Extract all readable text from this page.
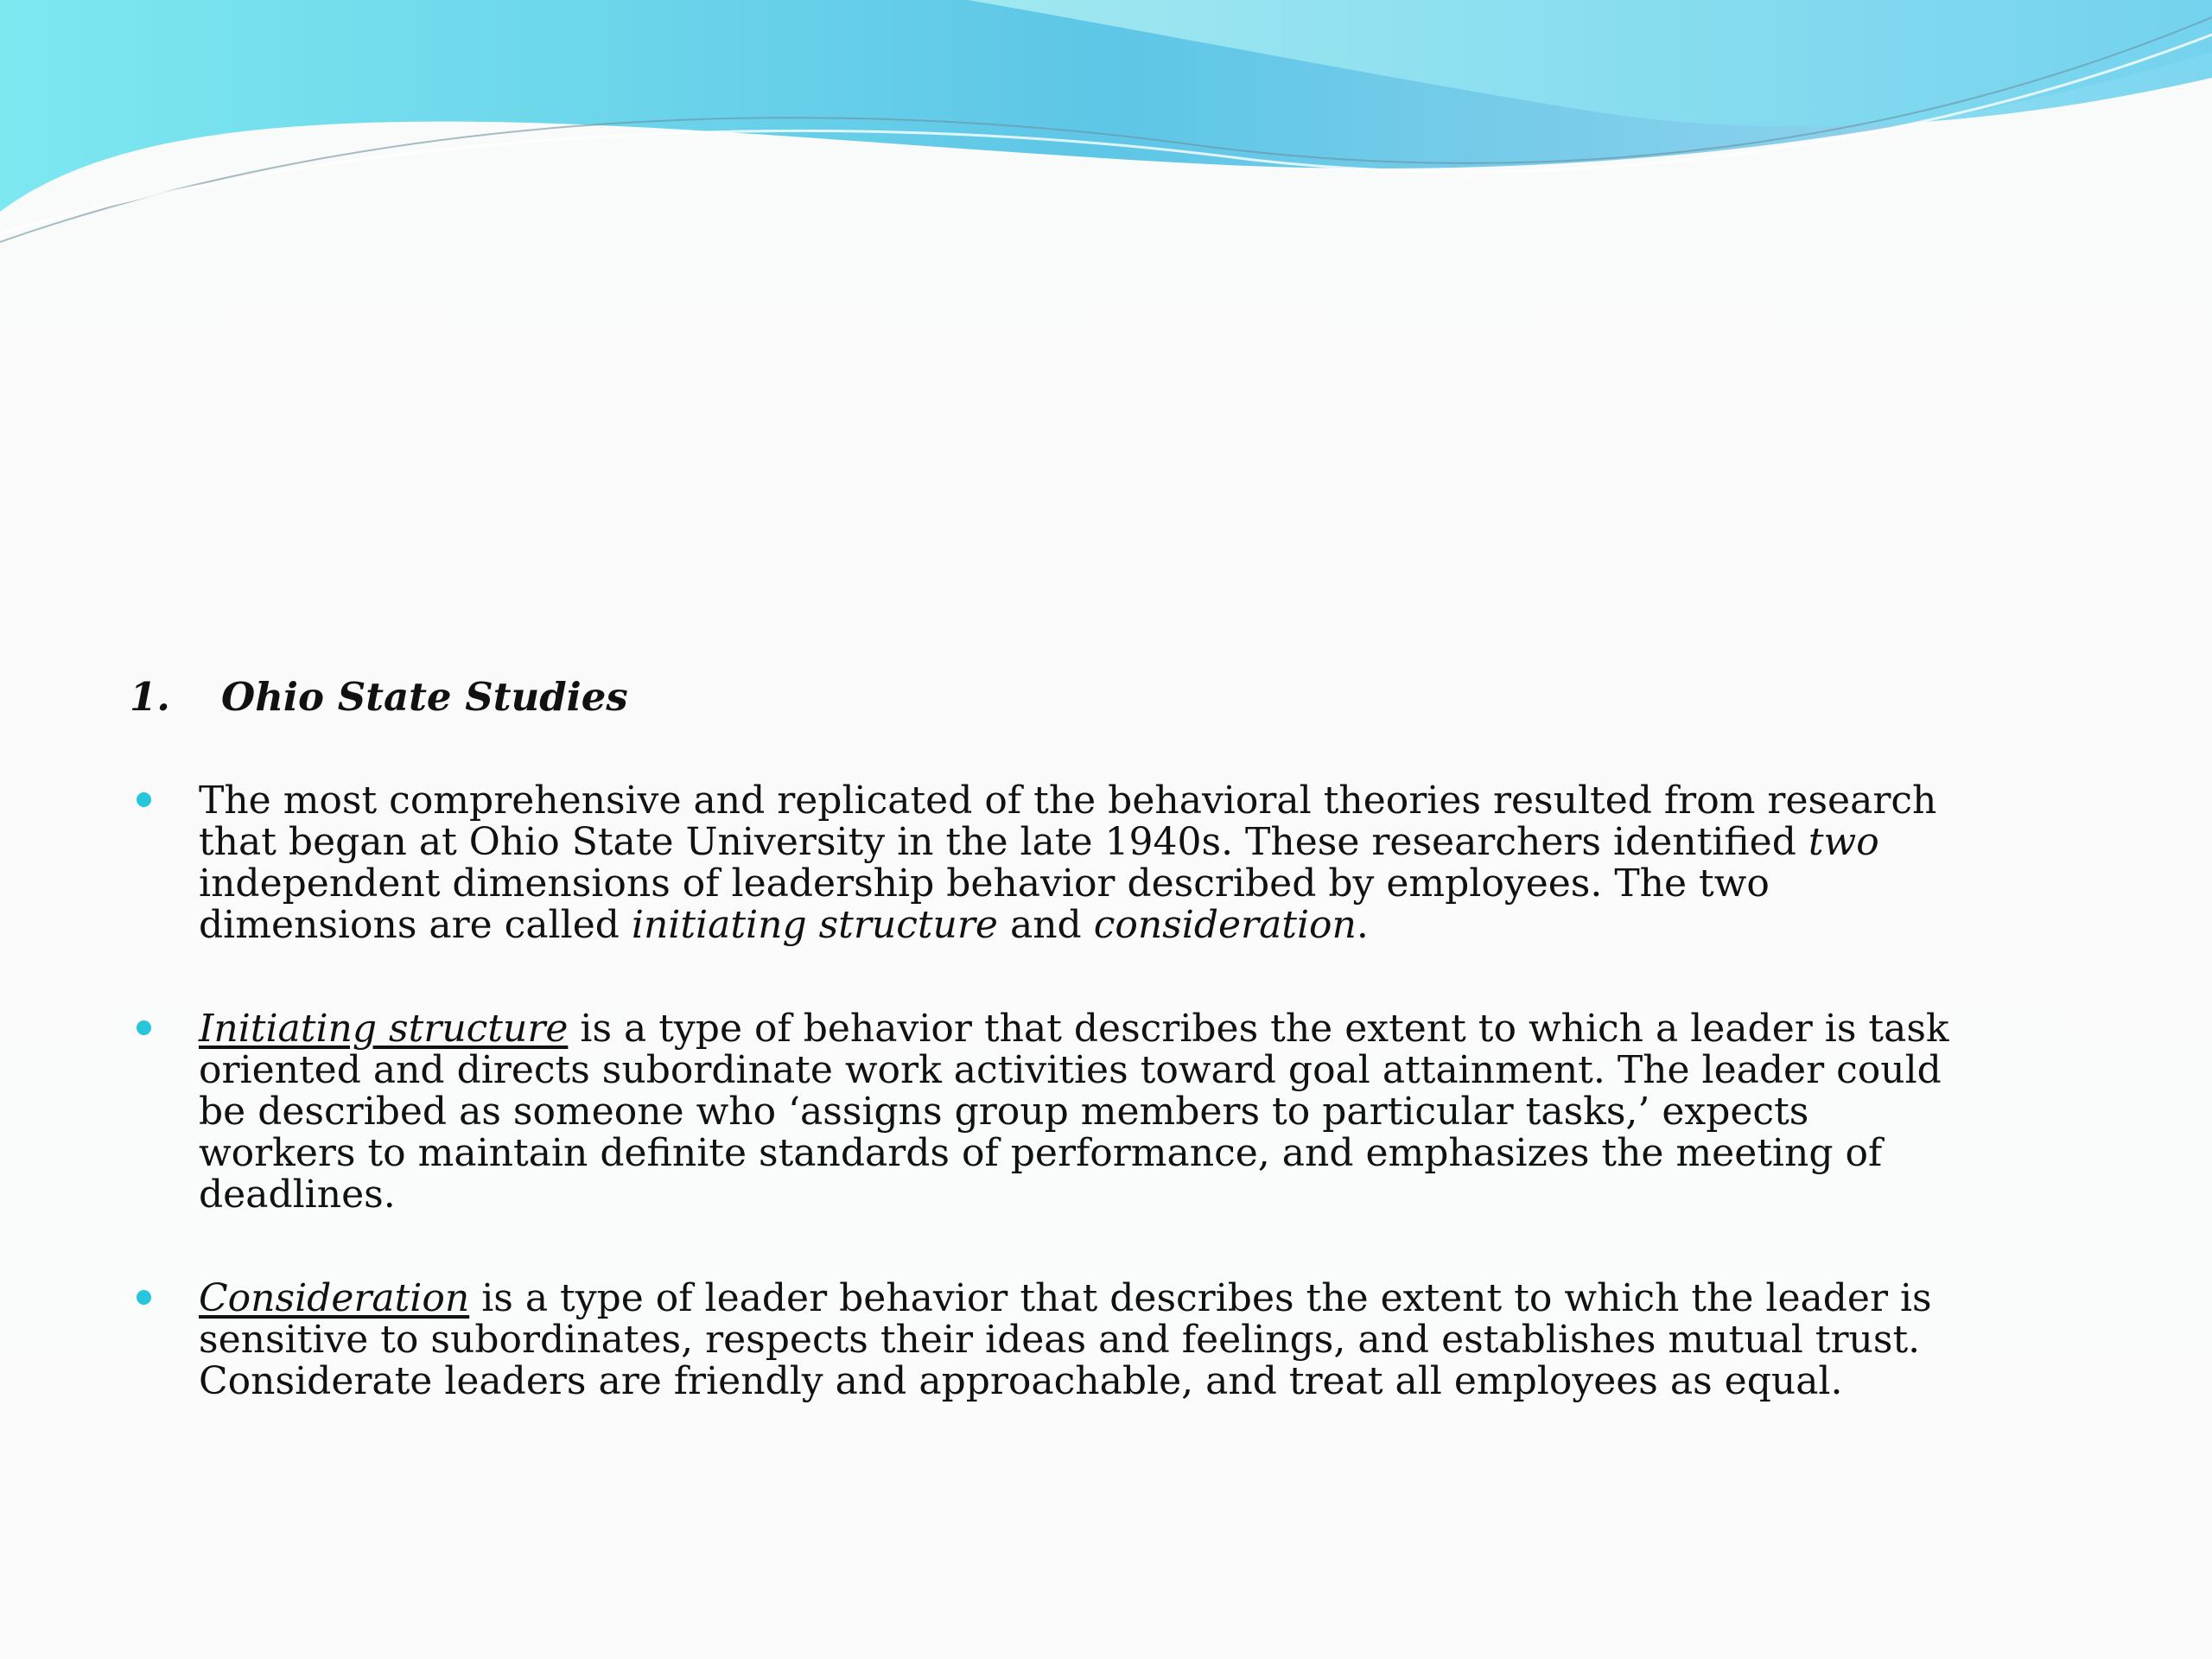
1.	Ohio State Studies
The most comprehensive and replicated of the behavioral theories resulted from research that began at Ohio State University in the late 1940s. These researchers identified two independent dimensions of leadership behavior described by employees. The two dimensions are called initiating structure and consideration.
Initiating structure is a type of behavior that describes the extent to which a leader is task oriented and directs subordinate work activities toward goal attainment. The leader could be described as someone who ‘assigns group members to particular tasks,’ expects workers to maintain definite standards of performance, and emphasizes the meeting of deadlines.
Consideration is a type of leader behavior that describes the extent to which the leader is sensitive to subordinates, respects their ideas and feelings, and establishes mutual trust. Considerate leaders are friendly and approachable, and treat all employees as equal.
